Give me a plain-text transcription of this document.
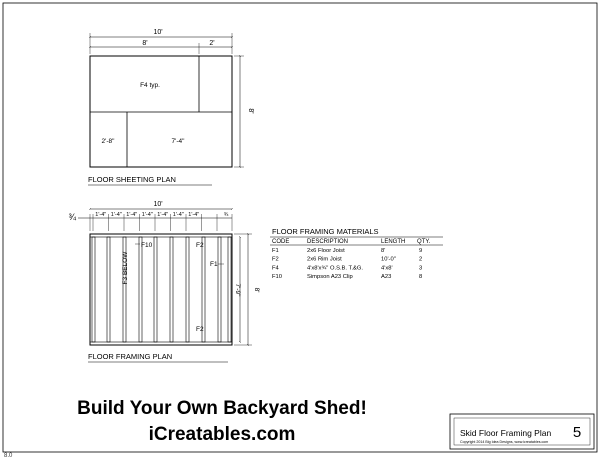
10'
8'	2'
F4 typ.
2'-8"	7'-4"
8'
FLOOR SHEETING PLAN
10'
1'-4" 1'-4" 1'-4" 1'-4" 1'-4" 1'-4" 1'-4"	¾
¾
F10	F2
F2
F1
F3 BELOW
7'-9" 8'
FLOOR FRAMING PLAN
FLOOR FRAMING MATERIALS
CODE	DESCRIPTION	LENGTH QTY.
F1	2x6 Floor Joist	8'	9
F2	2x6 Rim Joist	10'-0"	2
F4	4'x8'x¾" O.S.B. T.&G.	4'x8'	3
F10	Simpson A23 Clip	A23	8
Skid Floor Framing Plan 5
Copyright 2014 Big Idea Designs, www.icreatables.com
Build Your Own Backyard Shed!
iCreatables.com
8.0
